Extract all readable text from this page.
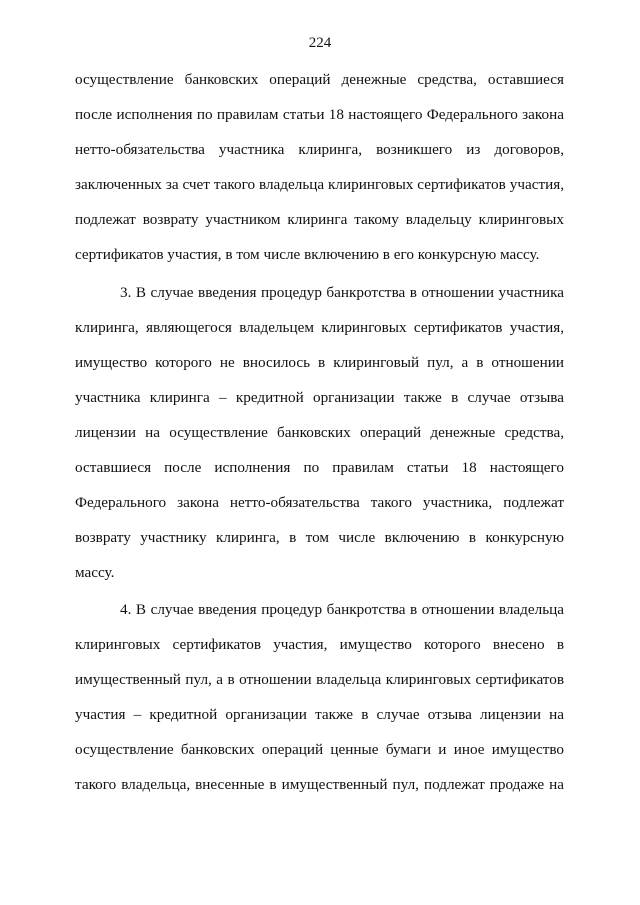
224
осуществление банковских операций денежные средства, оставшиеся
после исполнения по правилам статьи 18 настоящего Федерального закона
нетто-обязательства участника клиринга, возникшего из договоров,
заключенных за счет такого владельца клиринговых сертификатов участия,
подлежат возврату участником клиринга такому владельцу клиринговых
сертификатов участия, в том числе включению в его конкурсную массу.
3. В случае введения процедур банкротства в отношении участника
клиринга, являющегося владельцем клиринговых сертификатов участия,
имущество которого не вносилось в клиринговый пул, а в отношении
участника клиринга – кредитной организации также в случае отзыва
лицензии на осуществление банковских операций денежные средства,
оставшиеся после исполнения по правилам статьи 18 настоящего
Федерального закона нетто-обязательства такого участника, подлежат
возврату участнику клиринга, в том числе включению в конкурсную
массу.
4. В случае введения процедур банкротства в отношении владельца
клиринговых сертификатов участия, имущество которого внесено в
имущественный пул, а в отношении владельца клиринговых сертификатов
участия – кредитной организации также в случае отзыва лицензии на
осуществление банковских операций ценные бумаги и иное имущество
такого владельца, внесенные в имущественный пул, подлежат продаже на
